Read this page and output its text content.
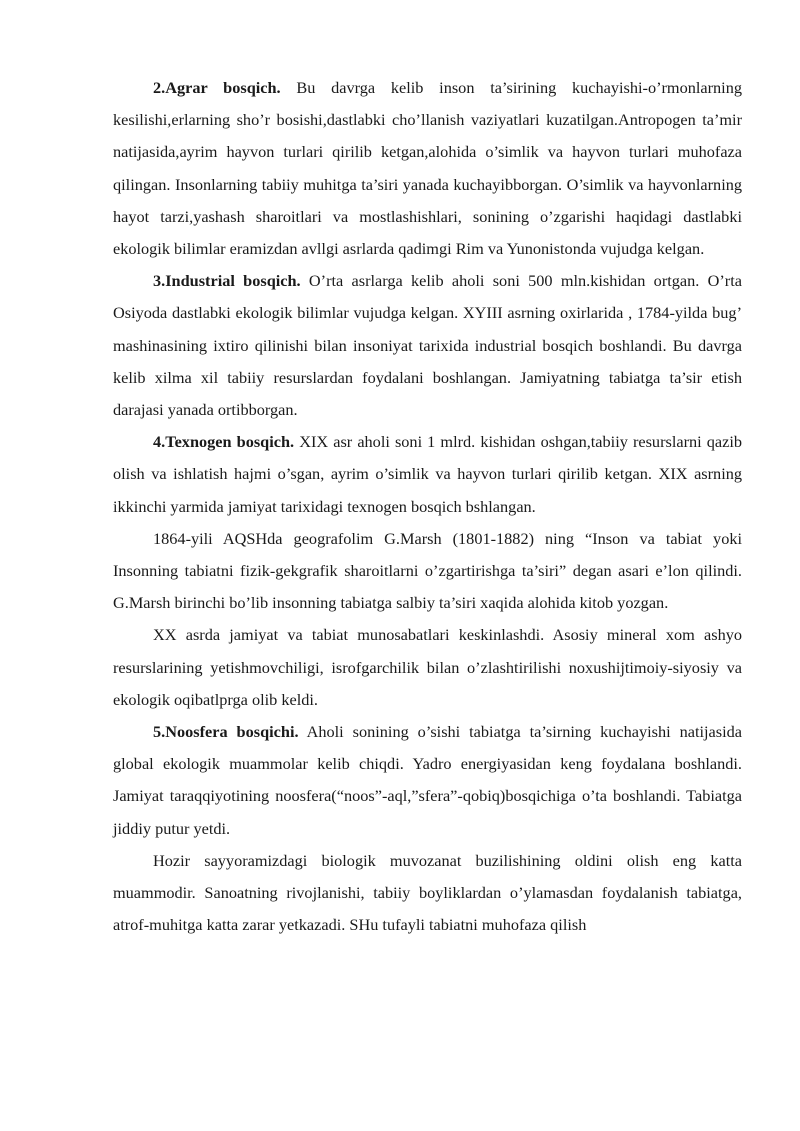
2.Agrar bosqich. Bu davrga kelib inson ta’sirining kuchayishi-o’rmonlarning kesilishi,erlarning sho’r bosishi,dastlabki cho’llanish vaziyatlari kuzatilgan.Antropogen ta’mir natijasida,ayrim hayvon turlari qirilib ketgan,alohida o’simlik va hayvon turlari muhofaza qilingan. Insonlarning tabiiy muhitga ta’siri yanada kuchayibborgan. O’simlik va hayvonlarning hayot tarzi,yashash sharoitlari va mostlashishlari, sonining o’zgarishi haqidagi dastlabki ekologik bilimlar eramizdan avllgi asrlarda qadimgi Rim va Yunonistonda vujudga kelgan.

3.Industrial bosqich. O’rta asrlarga kelib aholi soni 500 mln.kishidan ortgan. O’rta Osiyoda dastlabki ekologik bilimlar vujudga kelgan. XYIII asrning oxirlarida , 1784-yilda bug’ mashinasining ixtiro qilinishi bilan insoniyat tarixida industrial bosqich boshlandi. Bu davrga kelib xilma xil tabiiy resurslardan foydalani boshlangan. Jamiyatning tabiatga ta’sir etish darajasi yanada ortibborgan.

4.Texnogen bosqich. XIX asr aholi soni 1 mlrd. kishidan oshgan,tabiiy resurslarni qazib olish va ishlatish hajmi o’sgan, ayrim o’simlik va hayvon turlari qirilib ketgan. XIX asrning ikkinchi yarmida jamiyat tarixidagi texnogen bosqich bshlangan.

1864-yili AQSHda geografolim G.Marsh (1801-1882) ning “Inson va tabiat yoki Insonning tabiatni fizik-gekgrafik sharoitlarni o’zgartirishga ta’siri” degan asari e’lon qilindi. G.Marsh birinchi bo’lib insonning tabiatga salbiy ta’siri xaqida alohida kitob yozgan.

XX asrda jamiyat va tabiat munosabatlari keskinlashdi. Asosiy mineral xom ashyo resurslarining yetishmovchiligi, isrofgarchilik bilan o’zlashtirilishi noxushijtimoiy-siyosiy va ekologik oqibatlprga olib keldi.

5.Noosfera bosqichi. Aholi sonining o’sishi tabiatga ta’sirning kuchayishi natijasida global ekologik muammolar kelib chiqdi. Yadro energiyasidan keng foydalana boshlandi. Jamiyat taraqqiyotining noosfera(“noos”-aql,”sfera”-qobiq)bosqichiga o’ta boshlandi. Tabiatga jiddiy putur yetdi.

Hozir sayyoramizdagi biologik muvozanat buzilishining oldini olish eng katta muammodir. Sanoatning rivojlanishi, tabiiy boyliklardan o’ylamasdan foydalanish tabiatga, atrof-muhitga katta zarar yetkazadi. SHu tufayli tabiatni muhofaza qilish
